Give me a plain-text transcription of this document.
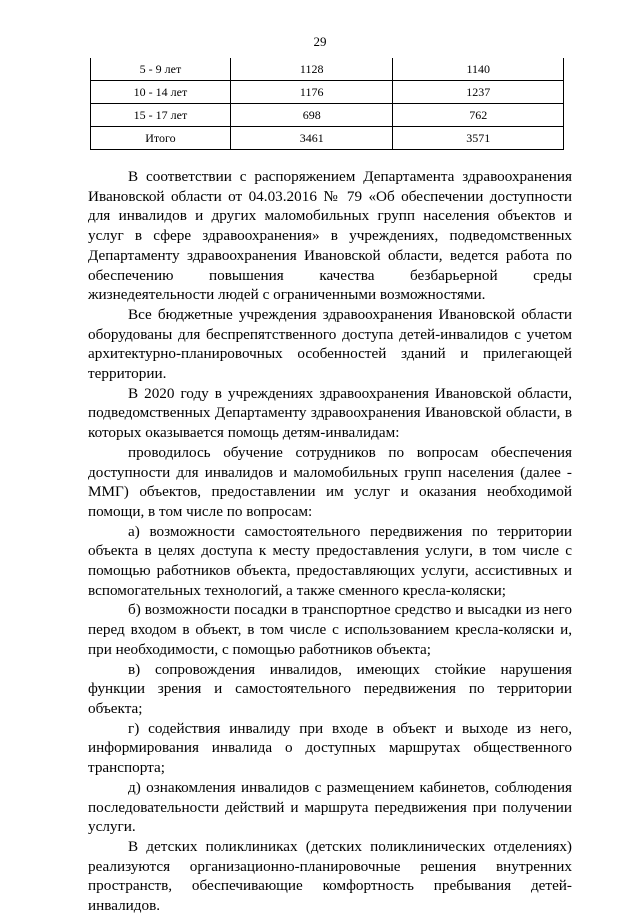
29
5 - 9 лет	1128	1140
10 - 14 лет	1176	1237
15 - 17 лет	698	762
Итого	3461	3571

В соответствии с распоряжением Департамента здравоохранения Ивановской области от 04.03.2016 № 79 «Об обеспечении доступности для инвалидов и других маломобильных групп населения объектов и услуг в сфере здравоохранения» в учреждениях, подведомственных Департаменту здравоохранения Ивановской области, ведется работа по обеспечению повышения качества безбарьерной среды жизнедеятельности людей с ограниченными возможностями.

Все бюджетные учреждения здравоохранения Ивановской области оборудованы для беспрепятственного доступа детей-инвалидов с учетом архитектурно-планировочных особенностей зданий и прилегающей территории.

В 2020 году в учреждениях здравоохранения Ивановской области, подведомственных Департаменту здравоохранения Ивановской области, в которых оказывается помощь детям-инвалидам:

проводилось обучение сотрудников по вопросам обеспечения доступности для инвалидов и маломобильных групп населения (далее - ММГ) объектов, предоставлении им услуг и оказания необходимой помощи, в том числе по вопросам:

а) возможности самостоятельного передвижения по территории объекта в целях доступа к месту предоставления услуги, в том числе с помощью работников объекта, предоставляющих услуги, ассистивных и вспомогательных технологий, а также сменного кресла-коляски;

б) возможности посадки в транспортное средство и высадки из него перед входом в объект, в том числе с использованием кресла-коляски и, при необходимости, с помощью работников объекта;

в) сопровождения инвалидов, имеющих стойкие нарушения функции зрения и самостоятельного передвижения по территории объекта;

г) содействия инвалиду при входе в объект и выходе из него, информирования инвалида о доступных маршрутах общественного транспорта;

д) ознакомления инвалидов с размещением кабинетов, соблюдения последовательности действий и маршрута передвижения при получении услуги.

В детских поликлиниках (детских поликлинических отделениях) реализуются организационно-планировочные решения внутренних пространств, обеспечивающие комфортность пребывания детей-инвалидов.
